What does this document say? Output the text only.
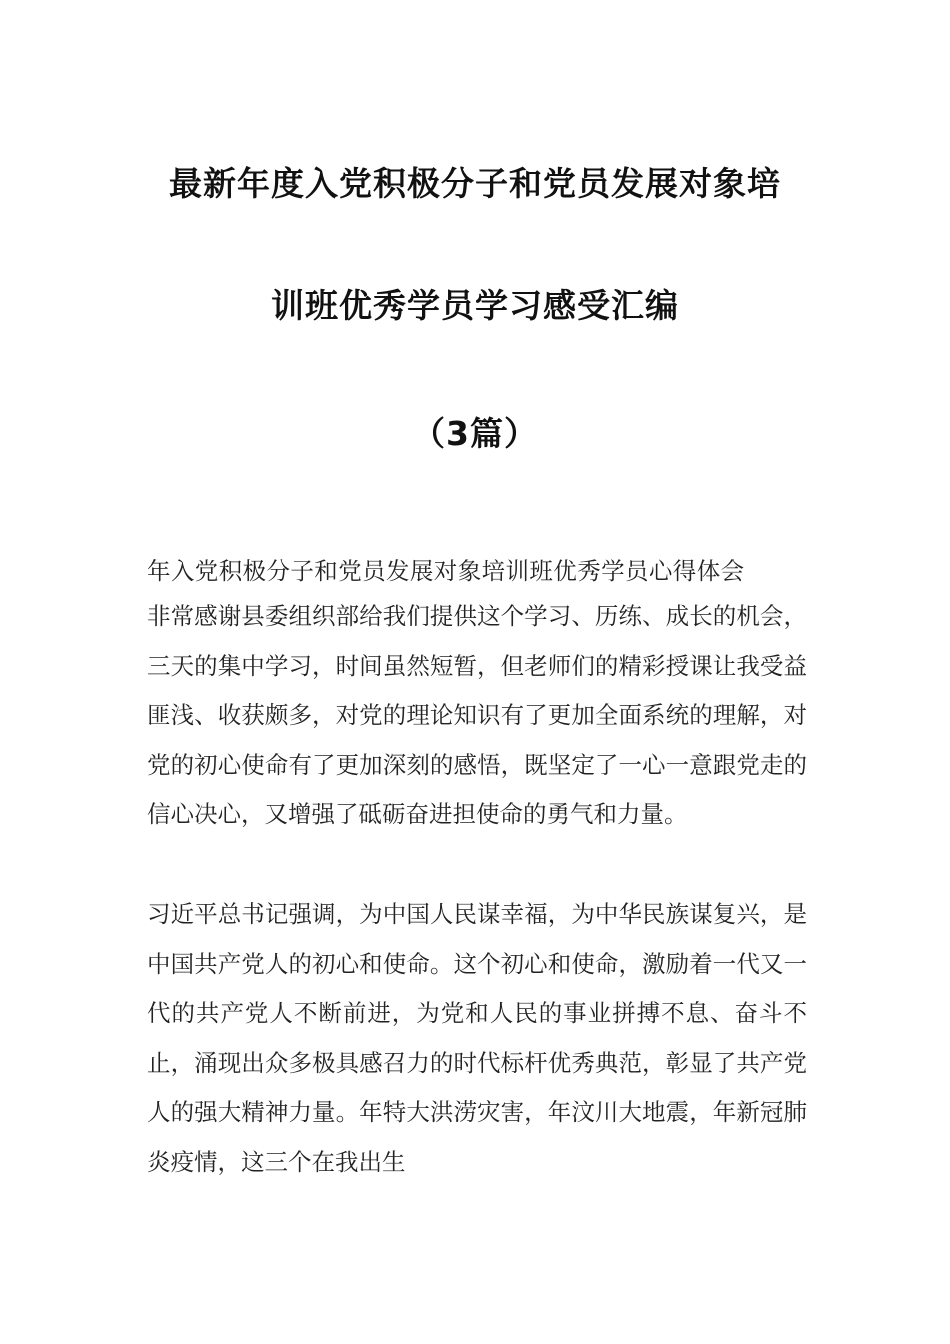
最新年度入党积极分子和党员发展对象培
训班优秀学员学习感受汇编
（3篇）
年入党积极分子和党员发展对象培训班优秀学员心得体会
非常感谢县委组织部给我们提供这个学习、历练、成长的机会，三天的集中学习，时间虽然短暂，但老师们的精彩授课让我受益匪浅、收获颇多，对党的理论知识有了更加全面系统的理解，对党的初心使命有了更加深刻的感悟，既坚定了一心一意跟党走的信心决心，又增强了砥砺奋进担使命的勇气和力量。
习近平总书记强调，为中国人民谋幸福，为中华民族谋复兴，是中国共产党人的初心和使命。这个初心和使命，激励着一代又一代的共产党人不断前进，为党和人民的事业拼搏不息、奋斗不止，涌现出众多极具感召力的时代标杆优秀典范，彰显了共产党人的强大精神力量。年特大洪涝灾害，年汶川大地震，年新冠肺炎疫情，这三个在我出生
